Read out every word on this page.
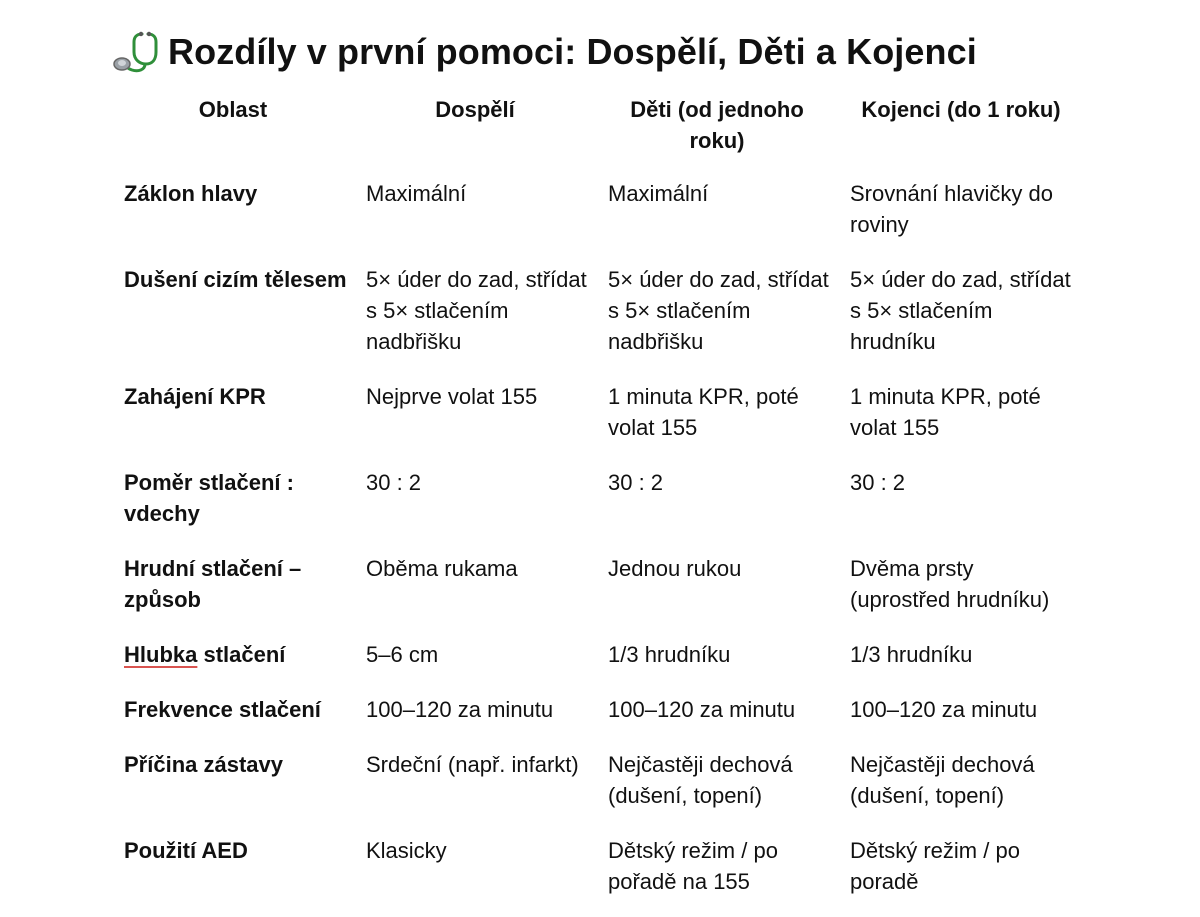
Rozdíly v první pomoci: Dospělí, Děti a Kojenci
Oblast	Dospělí	Děti (od jednoho roku)	Kojenci (do 1 roku)
Záklon hlavy	Maximální	Maximální	Srovnání hlavičky do roviny
Dušení cizím tělesem	5× úder do zad, střídat s 5× stlačením nadbřišku	5× úder do zad, střídat s 5× stlačením nadbřišku	5× úder do zad, střídat s 5× stlačením hrudníku
Zahájení KPR	Nejprve volat 155	1 minuta KPR, poté volat 155	1 minuta KPR, poté volat 155
Poměr stlačení : vdechy	30 : 2	30 : 2	30 : 2
Hrudní stlačení – způsob	Oběma rukama	Jednou rukou	Dvěma prsty (uprostřed hrudníku)
Hlubka stlačení	5–6 cm	1/3 hrudníku	1/3 hrudníku
Frekvence stlačení	100–120 za minutu	100–120 za minutu	100–120 za minutu
Příčina zástavy	Srdeční (např. infarkt)	Nejčastěji dechová (dušení, topení)	Nejčastěji dechová (dušení, topení)
Použití AED	Klasicky	Dětský režim / po pořadě na 155	Dětský režim / po poradě
